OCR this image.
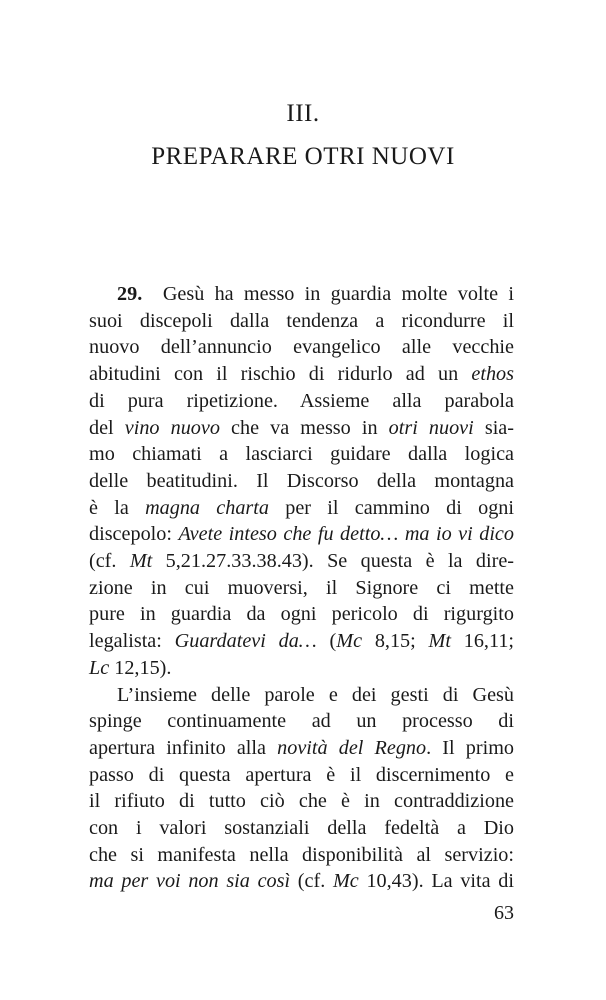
III.
PREPARARE OTRI NUOVI
29. Gesù ha messo in guardia molte volte i
suoi discepoli dalla tendenza a ricondurre il
nuovo dell’annuncio evangelico alle vecchie
abitudini con il rischio di ridurlo ad un ethos
di pura ripetizione. Assieme alla parabola
del vino nuovo che va messo in otri nuovi sia-
mo chiamati a lasciarci guidare dalla logica
delle beatitudini. Il Discorso della montagna
è la magna charta per il cammino di ogni
discepolo: Avete inteso che fu detto… ma io vi dico
(cf. Mt 5,21.27.33.38.43). Se questa è la dire-
zione in cui muoversi, il Signore ci mette
pure in guardia da ogni pericolo di rigurgito
legalista: Guardatevi da… (Mc 8,15; Mt 16,11;
Lc 12,15).
L’insieme delle parole e dei gesti di Gesù
spinge continuamente ad un processo di
apertura infinito alla novità del Regno. Il primo
passo di questa apertura è il discernimento e
il rifiuto di tutto ciò che è in contraddizione
con i valori sostanziali della fedeltà a Dio
che si manifesta nella disponibilità al servizio:
ma per voi non sia così (cf. Mc 10,43). La vita di
63
